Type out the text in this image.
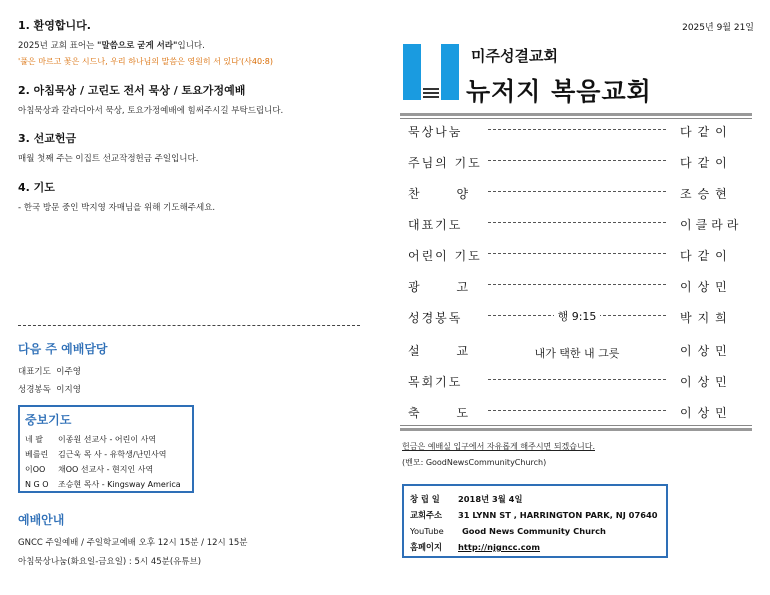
1. 환영합니다.
2025년 교회 표어는 "말씀으로 굳게 서라"입니다.
'풀은 마르고 꽃은 시드나, 우리 하나님의 말씀은 영원히 서 있다'(사40:8)
2. 아침묵상 / 고린도 전서 묵상 / 토요가정예배
아침묵상과 갈라디아서 묵상, 토요가정예배에 힘써주시길 부탁드립니다.
3. 선교헌금
매월 첫째 주는 이집트 선교작정헌금 주일입니다.
4. 기도
- 한국 방문 중인 박지영 자매님을 위해 기도해주세요.
다음 주 예배담당
대표기도 이주영
성경봉독 이지영
중보기도
네 팔 이종원 선교사 - 어린이 사역
베를린 김근욱 목 사 - 유학생/난민사역
이OO 채OO 선교사 - 현지인 사역
N G O 조승현 목사 - Kingsway America
예배안내
GNCC 주일예배 / 주일학교예배 오후 12시 15분 / 12시 15분
아침묵상나눔(화요일-금요일) : 5시 45분(유튜브)
2025년 9월 21일
미주성결교회
뉴저지 복음교회
묵상나눔	다같이
주님의 기도	다같이
찬      양	조승현
대표기도	이클라라
어린이 기도	다같이
광      고	이상민
성경봉독	행 9:15	박지희
설      교	내가 택한 내 그릇	이상민
목회기도	이상민
축      도	이상민
헌금은 예배실 입구에서 자유롭게 해주시면 되겠습니다.
(벤모: GoodNewsCommunityChurch)
창 립 일 2018년 3월 4일
교회주소 31 LYNN ST , HARRINGTON PARK, NJ 07640
YouTube Good News Community Church
홈페이지 http://njgncc.com
